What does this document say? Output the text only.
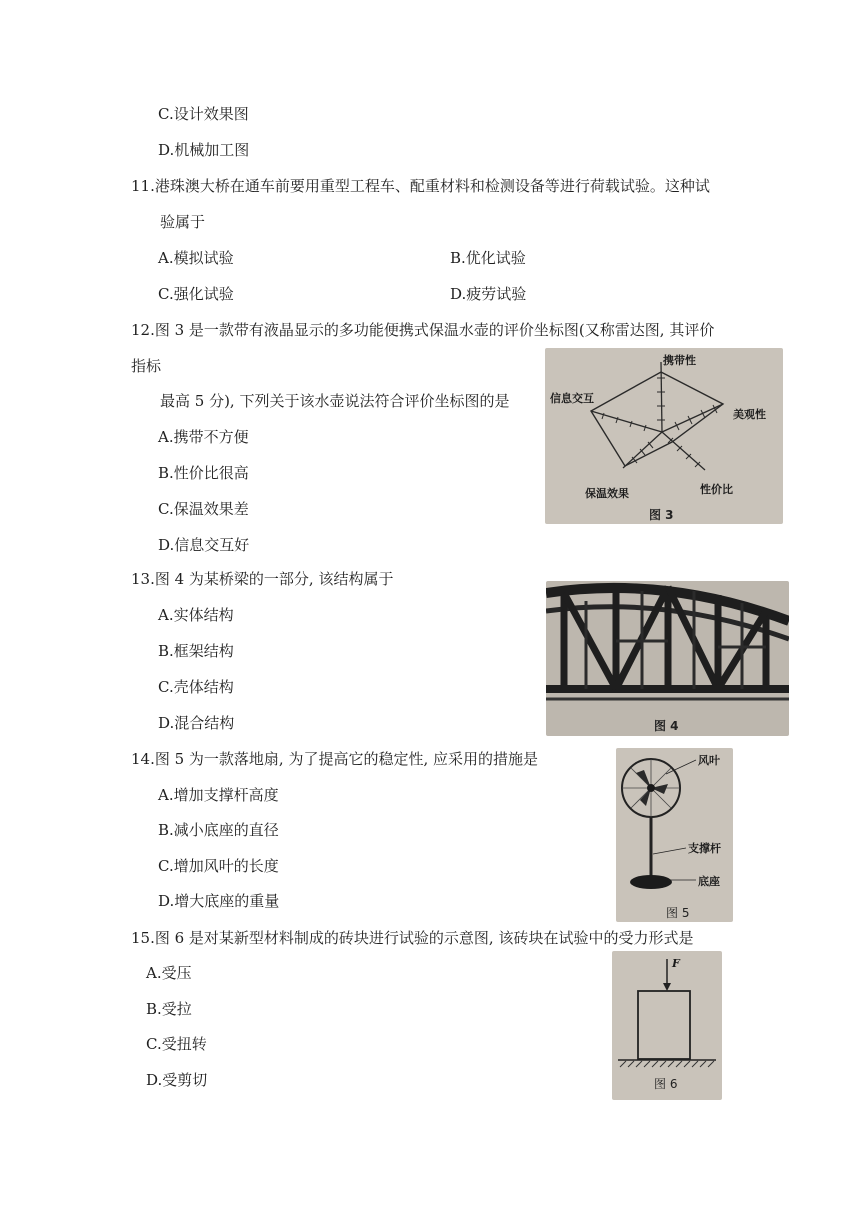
C.设计效果图
D.机械加工图
11.港珠澳大桥在通车前要用重型工程车、配重材料和检测设备等进行荷载试验。这种试
验属于
A.模拟试验	B.优化试验
C.强化试验	D.疲劳试验
12.图 3 是一款带有液晶显示的多功能便携式保温水壶的评价坐标图(又称雷达图, 其评价
指标
最高 5 分), 下列关于该水壶说法符合评价坐标图的是
A.携带不方便
B.性价比很高
C.保温效果差
D.信息交互好
携带性
美观性
性价比
保温效果
信息交互
图 3
13.图 4 为某桥梁的一部分, 该结构属于
A.实体结构
B.框架结构
C.壳体结构
D.混合结构	图 4
14.图 5 为一款落地扇, 为了提高它的稳定性, 应采用的措施是
A.增加支撑杆高度
B.减小底座的直径
C.增加风叶的长度
D.增大底座的重量
风叶
支撑杆
底座
图 5
15.图 6 是对某新型材料制成的砖块进行试验的示意图, 该砖块在试验中的受力形式是
A.受压
B.受拉
C.受扭转
D.受剪切
F
图 6
